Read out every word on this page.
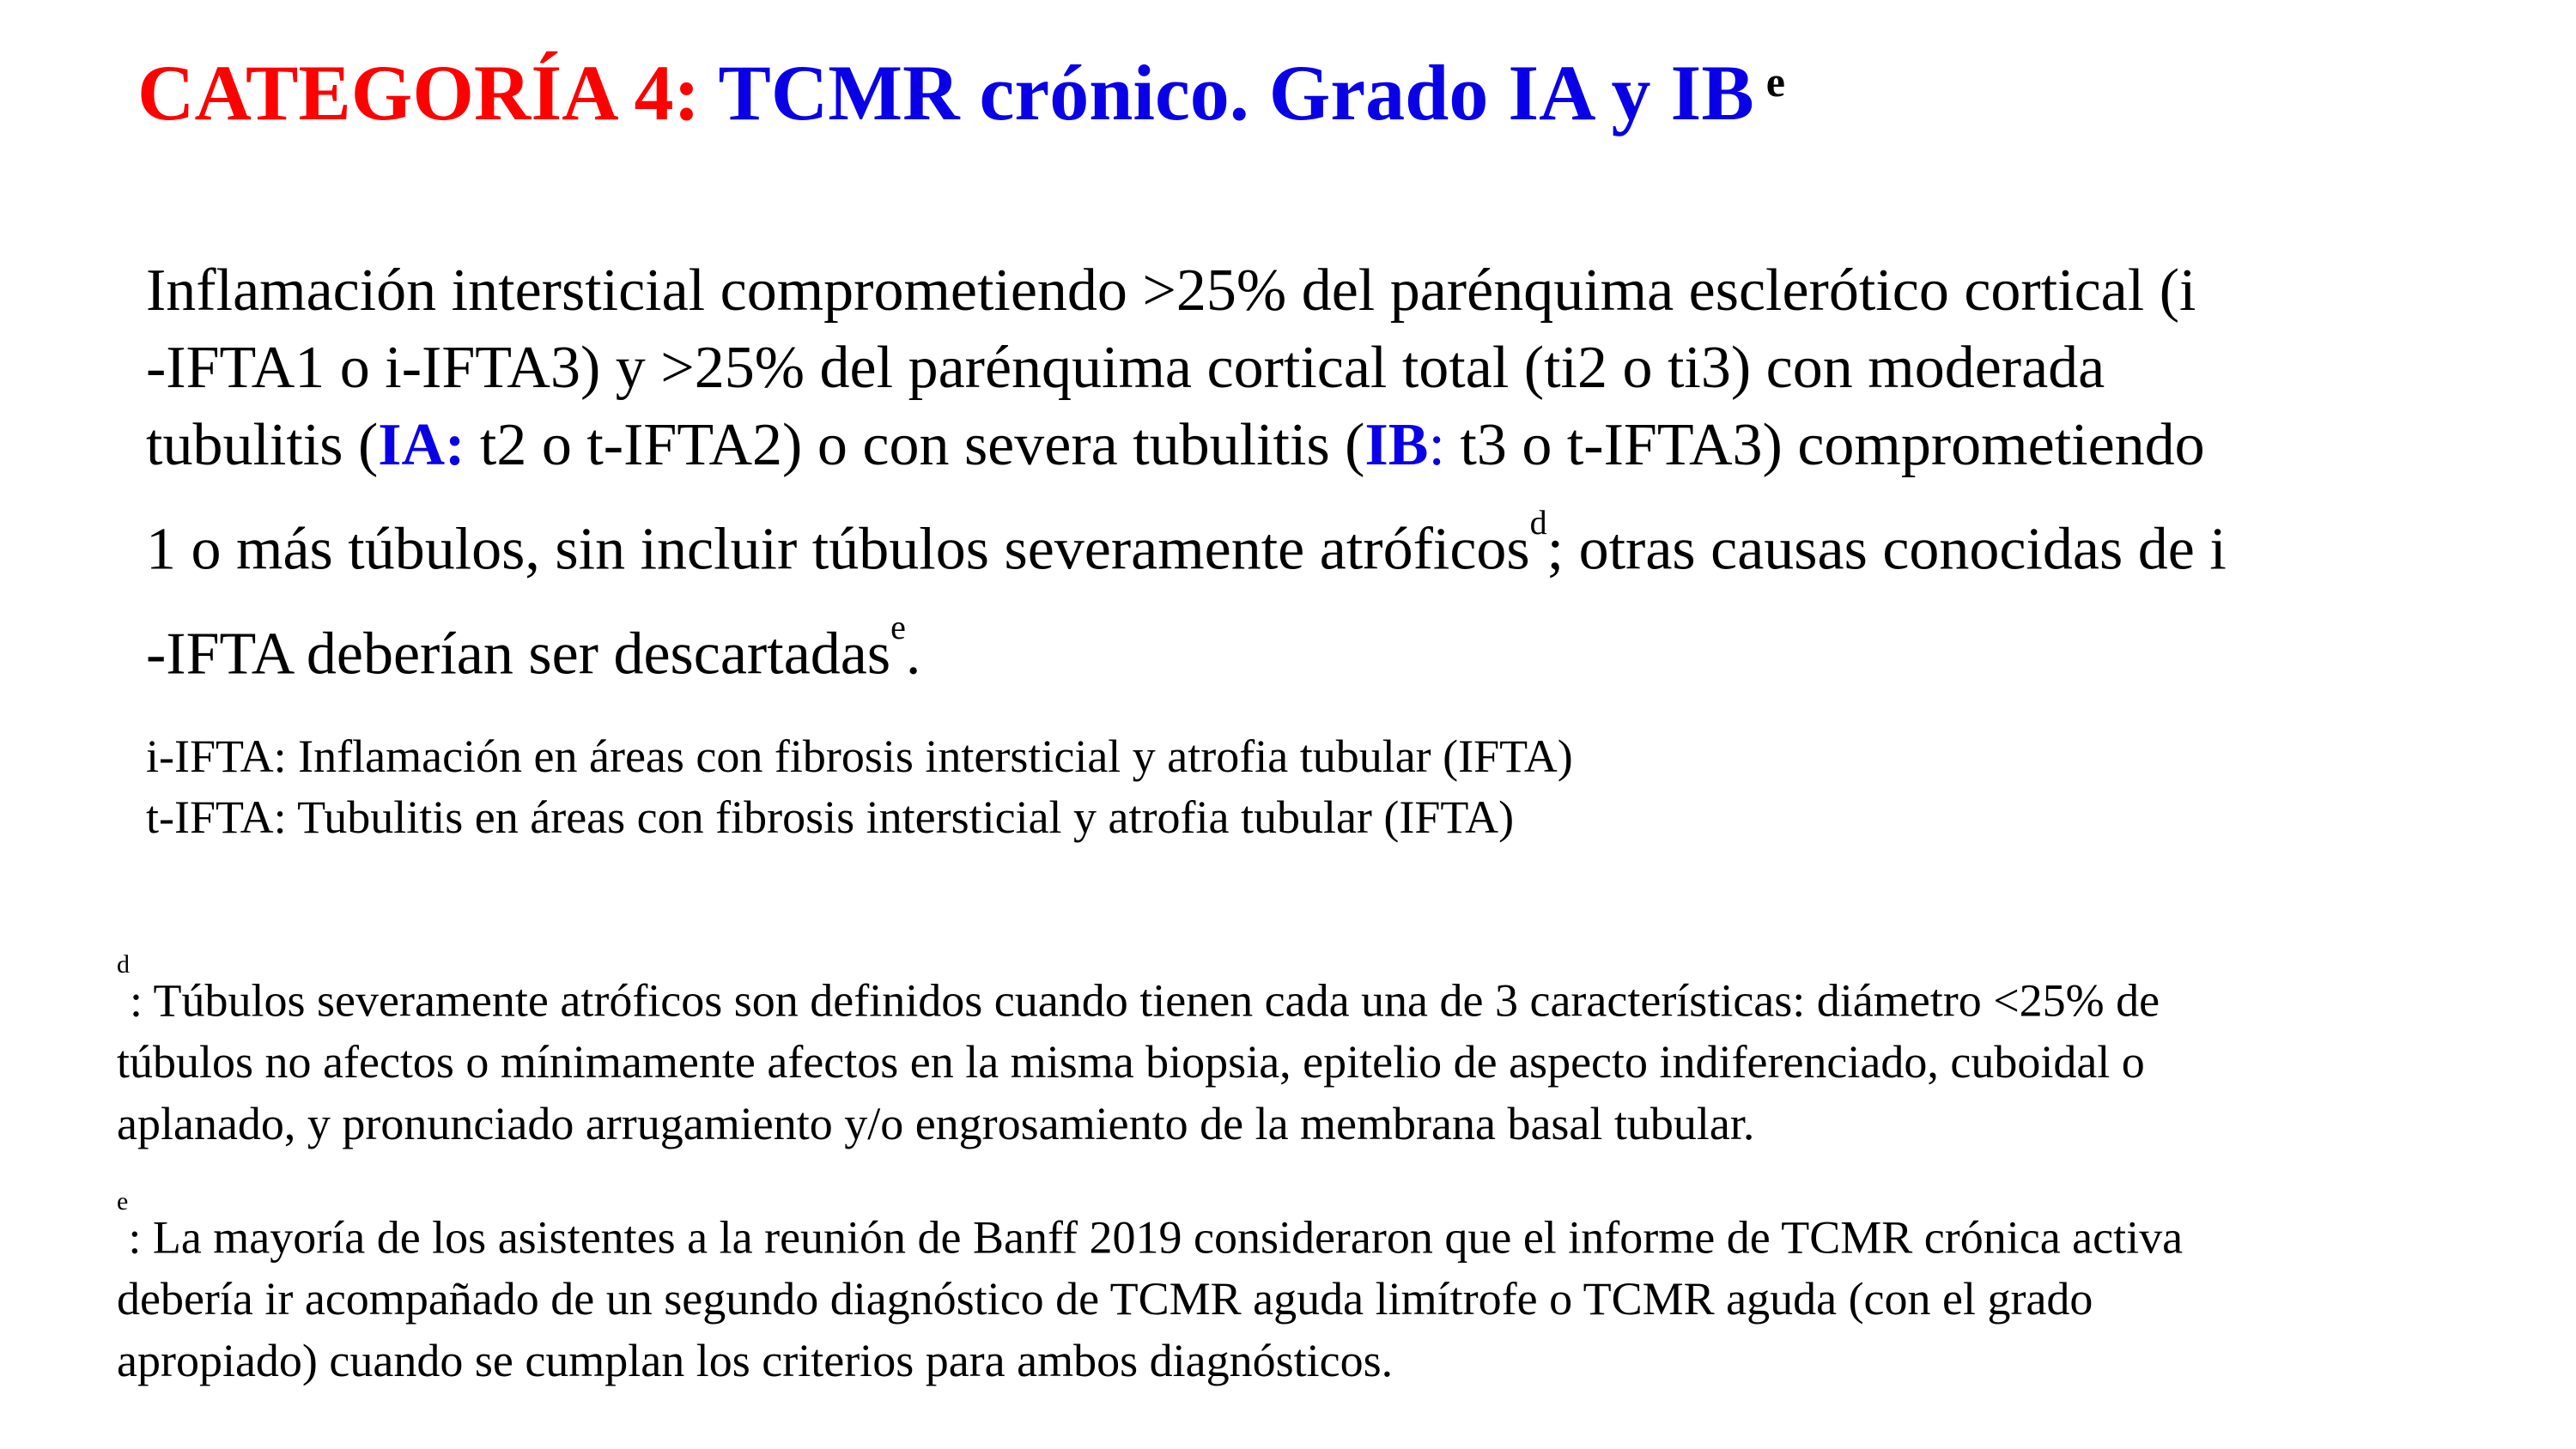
CATEGORÍA 4: TCMR crónico. Grado IA y IB $^e$
Inflamación intersticial comprometiendo >25% del parénquima esclerótico cortical (i
-IFTA1 o i-IFTA3) y >25% del parénquima cortical total (ti2 o ti3) con moderada
tubulitis (IA: t2 o t-IFTA2) o con severa tubulitis (IB: t3 o t-IFTA3) comprometiendo
1 o más túbulos, sin incluir túbulos severamente atróficos$^d$; otras causas conocidas de i
-IFTA deberían ser descartadas$^e$.
i-IFTA: Inflamación en áreas con fibrosis intersticial y atrofia tubular (IFTA)
t-IFTA: Tubulitis en áreas con fibrosis intersticial y atrofia tubular (IFTA)
$^d$: Túbulos severamente atróficos son definidos cuando tienen cada una de 3 características: diámetro <25% de
túbulos no afectos o mínimamente afectos en la misma biopsia, epitelio de aspecto indiferenciado, cuboidal o
aplanado, y pronunciado arrugamiento y/o engrosamiento de la membrana basal tubular.
$^e$: La mayoría de los asistentes a la reunión de Banff 2019 consideraron que el informe de TCMR crónica activa
debería ir acompañado de un segundo diagnóstico de TCMR aguda limítrofe o TCMR aguda (con el grado
apropiado) cuando se cumplan los criterios para ambos diagnósticos.
